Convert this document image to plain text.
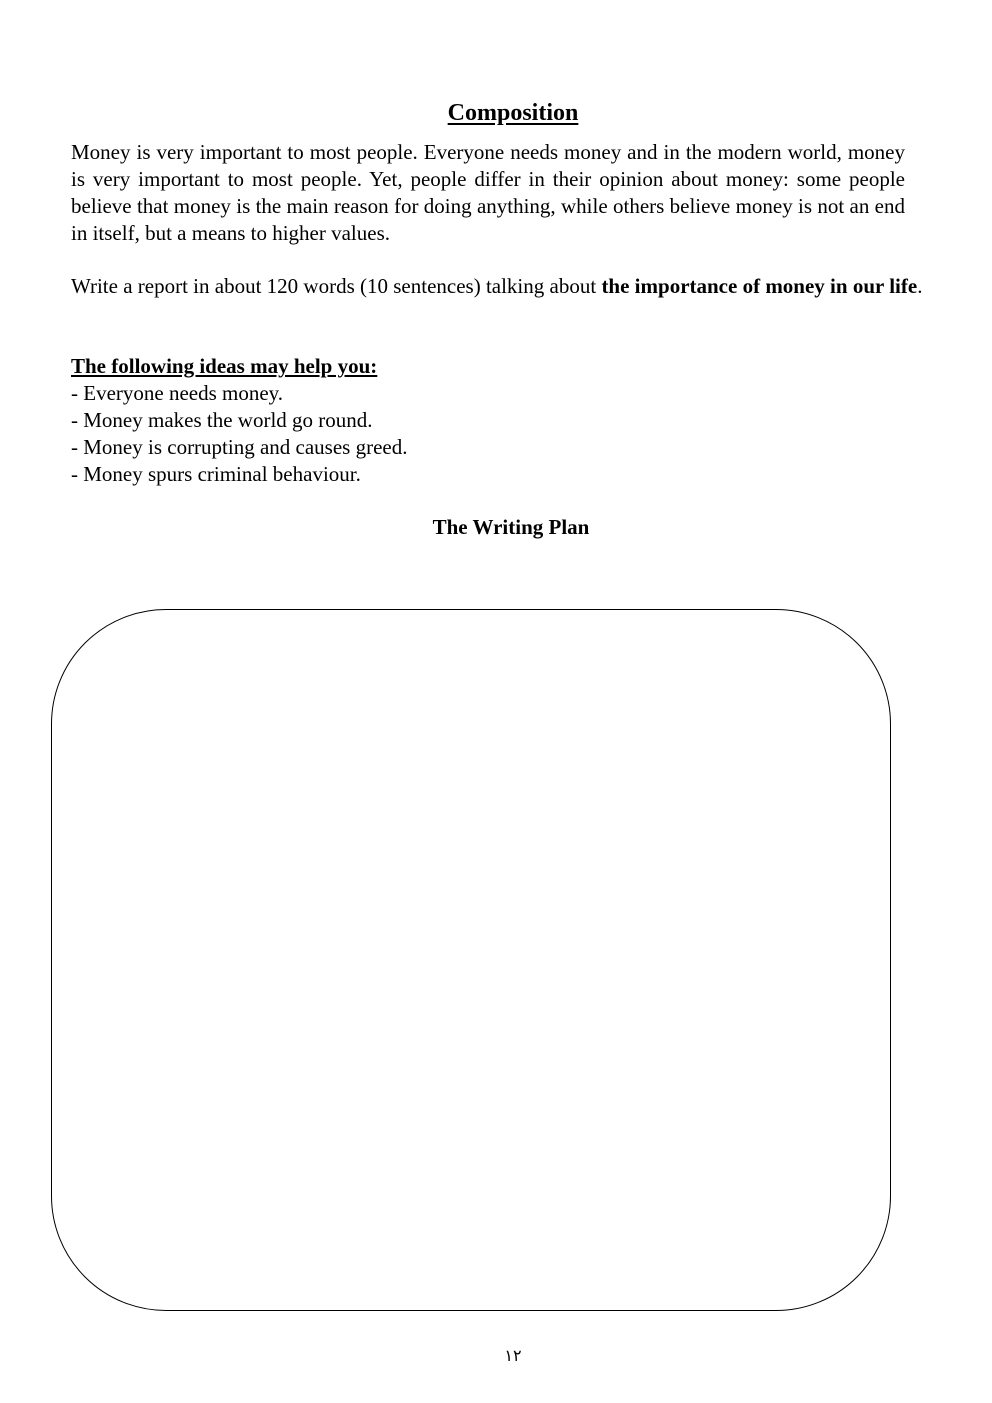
Composition

Money is very important to most people. Everyone needs money and in the modern world, money is very important to most people. Yet, people differ in their opinion about money: some people believe that money is the main reason for doing anything, while others believe money is not an end in itself, but a means to higher values.

Write a report in about 120 words (10 sentences) talking about the importance of money in our life.

The following ideas may help you:

- Everyone needs money.
- Money makes the world go round.
- Money is corrupting and causes greed.
- Money spurs criminal behaviour.
The Writing Plan
١٢
